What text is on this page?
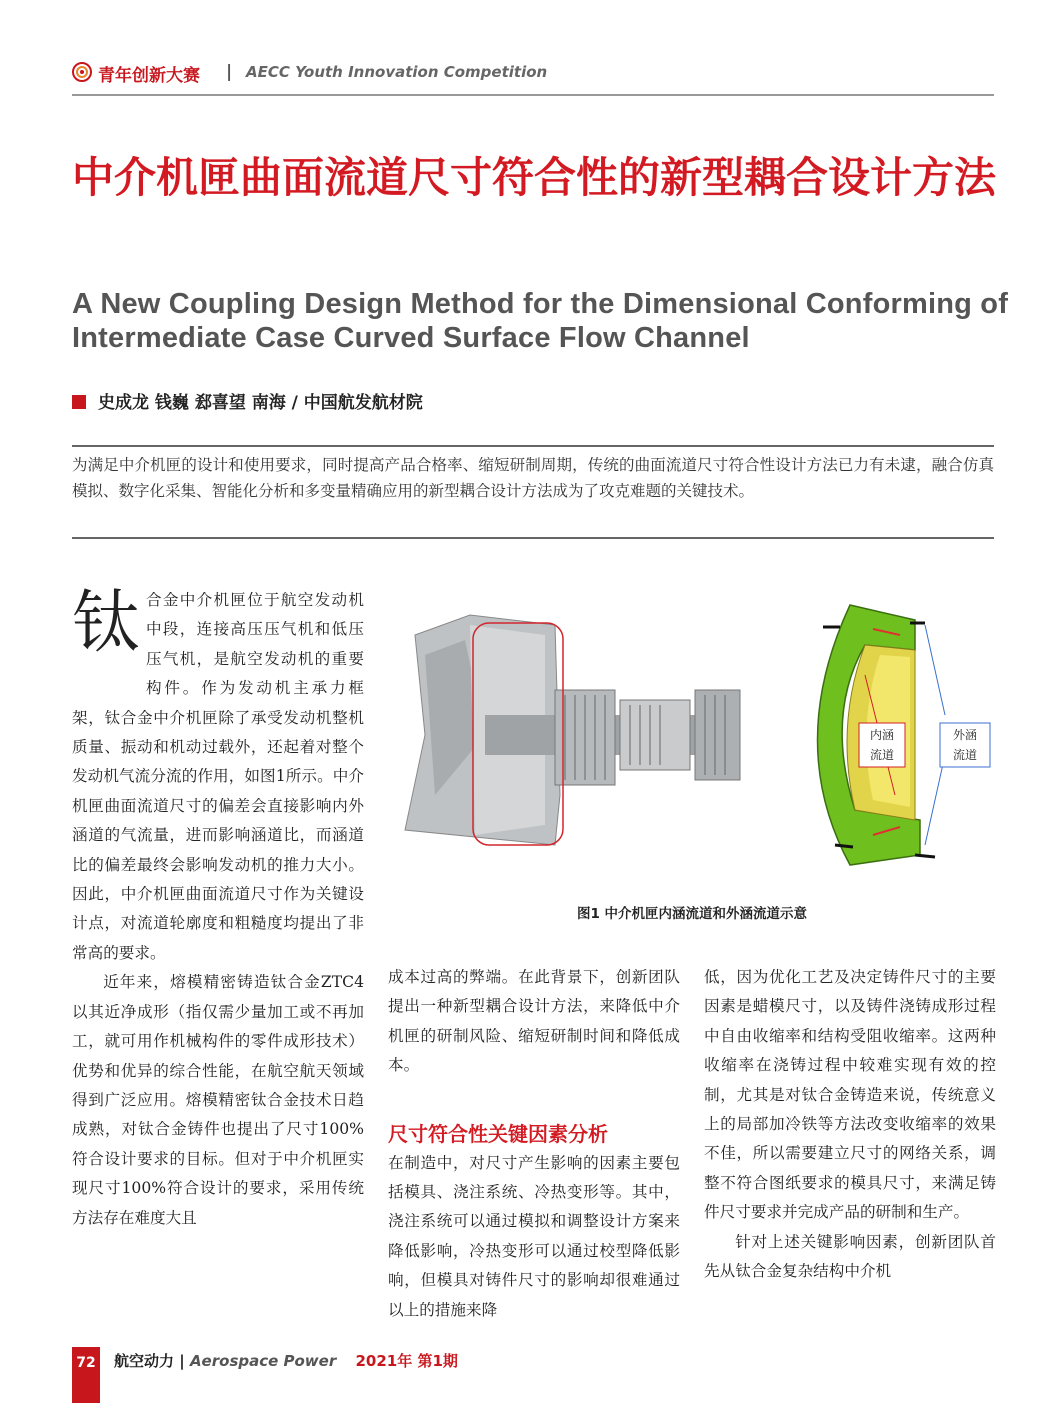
青年创新大赛 | AECC Youth Innovation Competition
中介机匣曲面流道尺寸符合性的新型耦合设计方法
A New Coupling Design Method for the Dimensional Conforming of Intermediate Case Curved Surface Flow Channel
史成龙 钱巍 郄喜望 南海 / 中国航发航材院
为满足中介机匣的设计和使用要求，同时提高产品合格率、缩短研制周期，传统的曲面流道尺寸符合性设计方法已力有未逮，融合仿真模拟、数字化采集、智能化分析和多变量精确应用的新型耦合设计方法成为了攻克难题的关键技术。
钛 合金中介机匣位于航空发动机中段，连接高压压气机和低压压气机，是航空发动机的重要构件。作为发动机主承力框架，钛合金中介机匣除了承受发动机整机质量、振动和机动过载外，还起着对整个发动机气流分流的作用，如图1所示。中介机匣曲面流道尺寸的偏差会直接影响内外涵道的气流量，进而影响涵道比，而涵道比的偏差最终会影响发动机的推力大小。因此，中介机匣曲面流道尺寸作为关键设计点，对流道轮廓度和粗糙度均提出了非常高的要求。

近年来，熔模精密铸造钛合金ZTC4以其近净成形（指仅需少量加工或不再加工，就可用作机械构件的零件成形技术）优势和优异的综合性能，在航空航天领域得到广泛应用。熔模精密钛合金技术日趋成熟，对钛合金铸件也提出了尺寸100%符合设计要求的目标。但对于中介机匣实现尺寸100%符合设计的要求，采用传统方法存在难度大且

内涵
流道
外涵
流道
图1 中介机匣内涵流道和外涵流道示意

成本过高的弊端。在此背景下，创新团队提出一种新型耦合设计方法，来降低中介机匣的研制风险、缩短研制时间和降低成本。

尺寸符合性关键因素分析

在制造中，对尺寸产生影响的因素主要包括模具、浇注系统、冷热变形等。其中，浇注系统可以通过模拟和调整设计方案来降低影响，冷热变形可以通过校型降低影响，但模具对铸件尺寸的影响却很难通过以上的措施来降

低，因为优化工艺及决定铸件尺寸的主要因素是蜡模尺寸，以及铸件浇铸成形过程中自由收缩率和结构受阻收缩率。这两种收缩率在浇铸过程中较难实现有效的控制，尤其是对钛合金铸造来说，传统意义上的局部加冷铁等方法改变收缩率的效果不佳，所以需要建立尺寸的网络关系，调整不符合图纸要求的模具尺寸，来满足铸件尺寸要求并完成产品的研制和生产。

针对上述关键影响因素，创新团队首先从钛合金复杂结构中介机

72 航空动力 | Aerospace Power 2021年 第1期
